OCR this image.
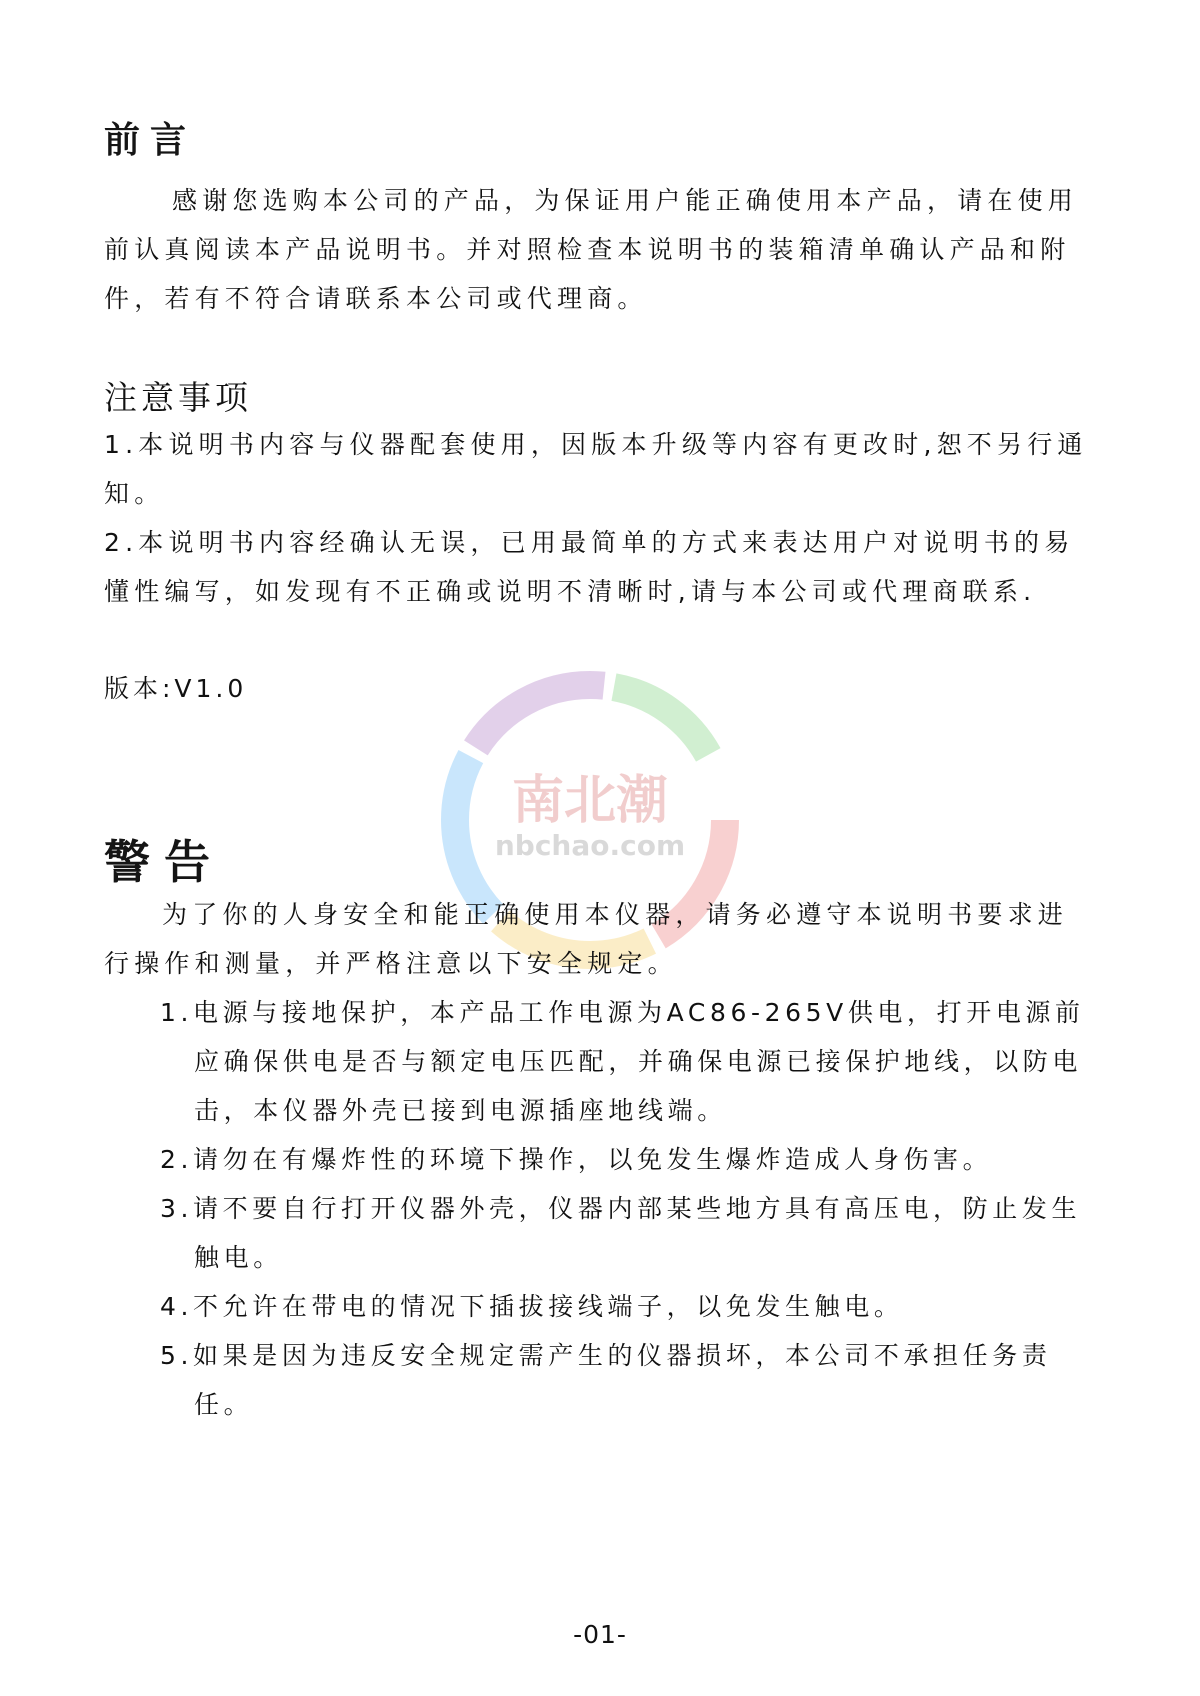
南北潮
nbchao.com
前言

感谢您选购本公司的产品，为保证用户能正确使用本产品，请在使用前认真阅读本产品说明书。并对照检查本说明书的装箱清单确认产品和附件，若有不符合请联系本公司或代理商。

注意事项

1.本说明书内容与仪器配套使用，因版本升级等内容有更改时,恕不另行通知。

2.本说明书内容经确认无误，已用最简单的方式来表达用户对说明书的易懂性编写，如发现有不正确或说明不清晰时,请与本公司或代理商联系.

版本:V1.0

警告

为了你的人身安全和能正确使用本仪器，请务必遵守本说明书要求进行操作和测量，并严格注意以下安全规定。

1.电源与接地保护，本产品工作电源为AC86-265V供电，打开电源前应确保供电是否与额定电压匹配，并确保电源已接保护地线，以防电击，本仪器外壳已接到电源插座地线端。
2.请勿在有爆炸性的环境下操作，以免发生爆炸造成人身伤害。
3.请不要自行打开仪器外壳，仪器内部某些地方具有高压电，防止发生触电。
4.不允许在带电的情况下插拔接线端子，以免发生触电。
5.如果是因为违反安全规定需产生的仪器损坏，本公司不承担任务责任。
-01-
